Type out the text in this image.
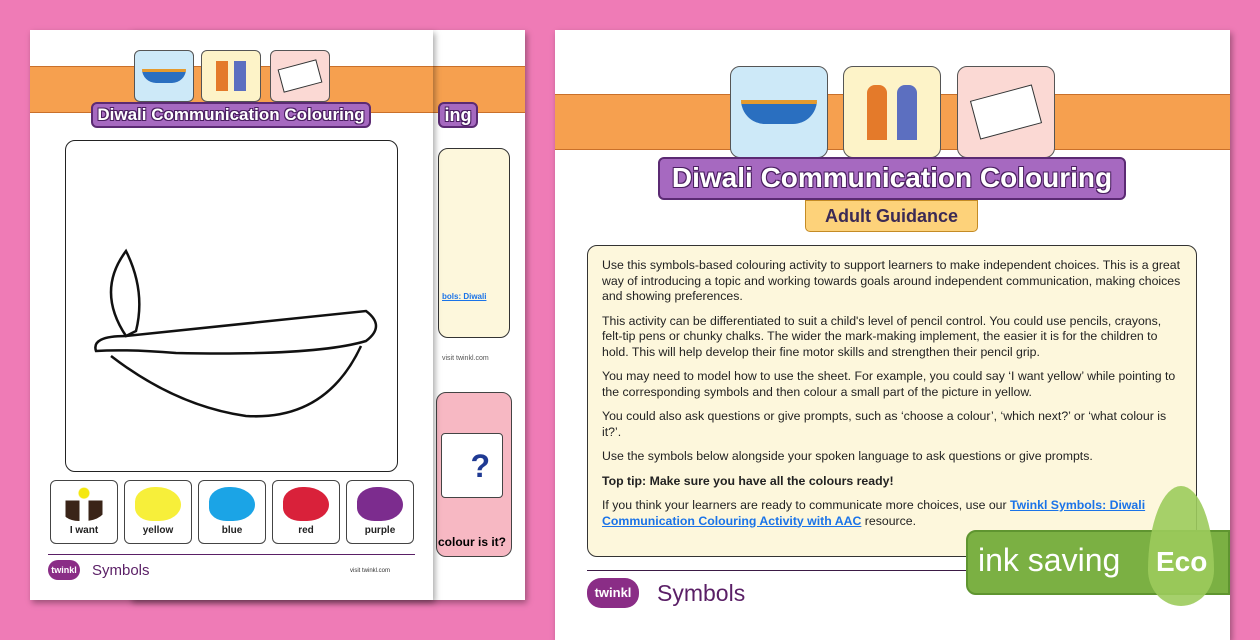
ing
bols: Diwali
visit twinkl.com
?
colour is it?
Diwali Communication Colouring
I want	yellow	blue	red	purple
twinkl Symbols	visit twinkl.com
Diwali Communication Colouring
Adult Guidance

Use this symbols-based colouring activity to support learners to make independent choices. This is a great way of introducing a topic and working towards goals around independent communication, making choices and showing preferences.

This activity can be differentiated to suit a child's level of pencil control. You could use pencils, crayons, felt-tip pens or chunky chalks. The wider the mark-making implement, the easier it is for the children to hold. This will help develop their fine motor skills and strengthen their pencil grip.

You may need to model how to use the sheet. For example, you could say ‘I want yellow’ while pointing to the corresponding symbols and then colour a small part of the picture in yellow.

You could also ask questions or give prompts, such as ‘choose a colour’, ‘which next?’ or ‘what colour is it?’.

Use the symbols below alongside your spoken language to ask questions or give prompts.

Top tip: Make sure you have all the colours ready!

If you think your learners are ready to communicate more choices, use our Twinkl Symbols: Diwali Communication Colouring Activity with AAC resource.

twinkl	Symbols
ink saving Eco
